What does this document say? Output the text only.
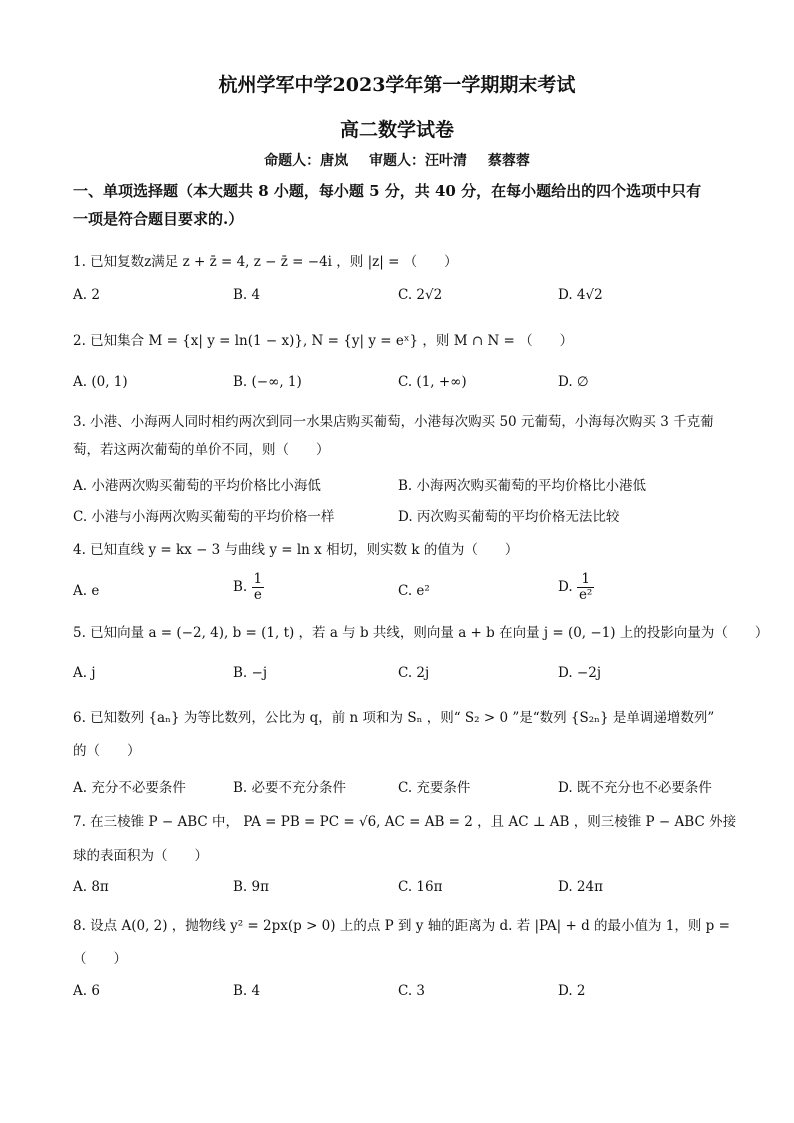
杭州学军中学2023学年第一学期期末考试
高二数学试卷
命题人：唐岚 审题人：汪叶清 蔡蓉蓉
一、单项选择题（本大题共 8 小题，每小题 5 分，共 40 分，在每小题给出的四个选项中只有
一项是符合题目要求的.）
1. 已知复数z满足 z + z̄ = 4, z − z̄ = −4i ，则 |z| = （　　）
A. 2	B. 4	C. 2√2	D. 4√2
2. 已知集合 M = {x| y = ln(1 − x)}, N = {y| y = eˣ} ，则 M ∩ N = （　　）
A. (0, 1)	B. (−∞, 1)	C. (1, +∞)	D. ∅
3. 小港、小海两人同时相约两次到同一水果店购买葡萄，小港每次购买 50 元葡萄，小海每次购买 3 千克葡萄，若这两次葡萄的单价不同，则（　　）
A. 小港两次购买葡萄的平均价格比小海低	B. 小海两次购买葡萄的平均价格比小港低
C. 小港与小海两次购买葡萄的平均价格一样	D. 丙次购买葡萄的平均价格无法比较
4. 已知直线 y = kx − 3 与曲线 y = ln x 相切，则实数 k 的值为（　　）
A. e	B. $\frac{1}{e}$	C. e²	D. $\frac{1}{\text{e²}}$
5. 已知向量 a = (−2, 4), b = (1, t) ，若 a 与 b 共线，则向量 a + b 在向量 j = (0, −1) 上的投影向量为（　　）
A. j	B. −j	C. 2j	D. −2j
6. 已知数列 {aₙ} 为等比数列，公比为 q，前 n 项和为 Sₙ ，则“ S₂ > 0 ”是“数列 {S₂ₙ} 是单调递增数列”
的（　　）
A. 充分不必要条件	B. 必要不充分条件	C. 充要条件	D. 既不充分也不必要条件
7. 在三棱锥 P − ABC 中， PA = PB = PC = √6, AC = AB = 2 ，且 AC ⊥ AB ，则三棱锥 P − ABC 外接
球的表面积为（　　）
A. 8π	B. 9π	C. 16π	D. 24π
8. 设点 A(0, 2) ，抛物线 y² = 2px(p > 0) 上的点 P 到 y 轴的距离为 d. 若 |PA| + d 的最小值为 1，则 p =
（　　）
A. 6	B. 4	C. 3	D. 2
